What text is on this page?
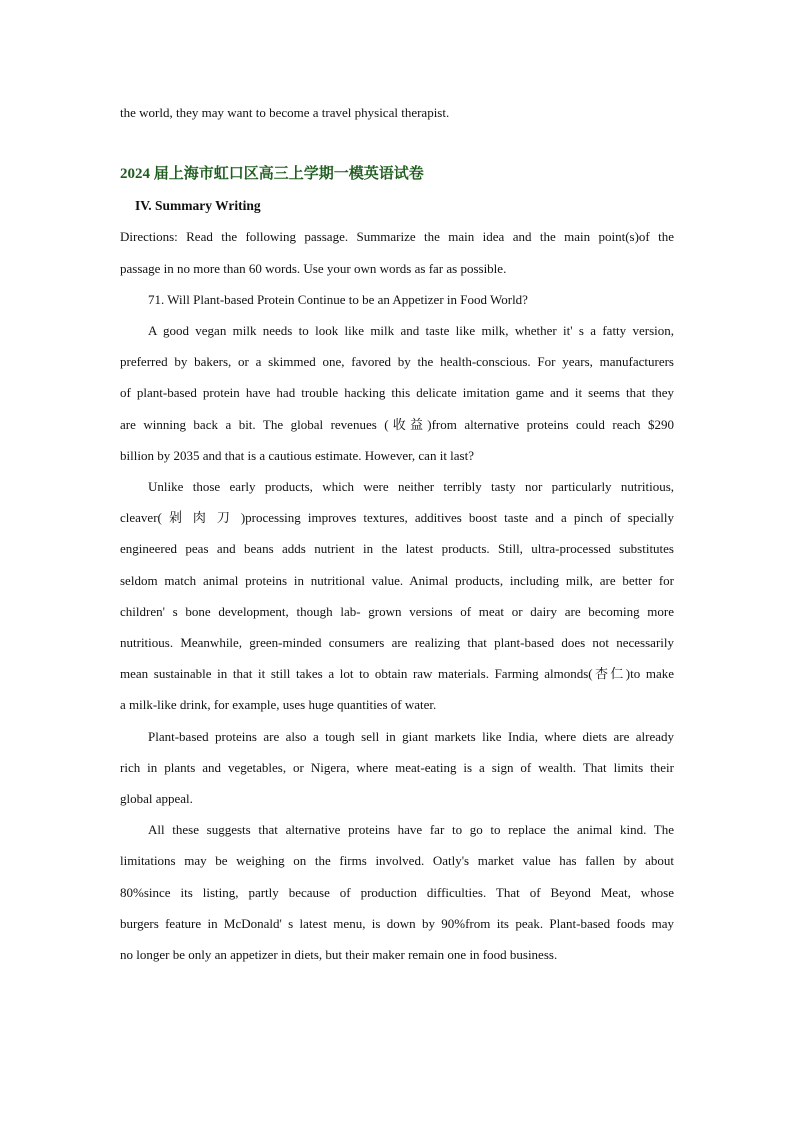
the world, they may want to become a travel physical therapist.
2024 届上海市虹口区高三上学期一模英语试卷
IV. Summary Writing
Directions: Read the following passage. Summarize the main idea and the main point(s)of the
passage in no more than 60 words. Use your own words as far as possible.
71. Will Plant-based Protein Continue to be an Appetizer in Food World?
A good vegan milk needs to look like milk and taste like milk, whether it' s a fatty version,
preferred by bakers, or a skimmed one, favored by the health-conscious. For years, manufacturers
of plant-based protein have had trouble hacking this delicate imitation game and it seems that they
are winning back a bit. The global revenues (收益)from alternative proteins could reach $290
billion by 2035 and that is a cautious estimate. However, can it last?
Unlike those early products, which were neither terribly tasty nor particularly nutritious,
cleaver( 剁 肉 刀 )processing improves textures, additives boost taste and a pinch of specially
engineered peas and beans adds nutrient in the latest products. Still, ultra-processed substitutes
seldom match animal proteins in nutritional value. Animal products, including milk, are better for
children' s bone development, though lab- grown versions of meat or dairy are becoming more
nutritious. Meanwhile, green-minded consumers are realizing that plant-based does not necessarily
mean sustainable in that it still takes a lot to obtain raw materials. Farming almonds(杏仁)to make
a milk-like drink, for example, uses huge quantities of water.
Plant-based proteins are also a tough sell in giant markets like India, where diets are already
rich in plants and vegetables, or Nigera, where meat-eating is a sign of wealth. That limits their
global appeal.
All these suggests that alternative proteins have far to go to replace the animal kind. The
limitations may be weighing on the firms involved. Oatly's market value has fallen by about
80%since its listing, partly because of production difficulties. That of Beyond Meat, whose
burgers feature in McDonald' s latest menu, is down by 90%from its peak. Plant-based foods may
no longer be only an appetizer in diets, but their maker remain one in food business.
